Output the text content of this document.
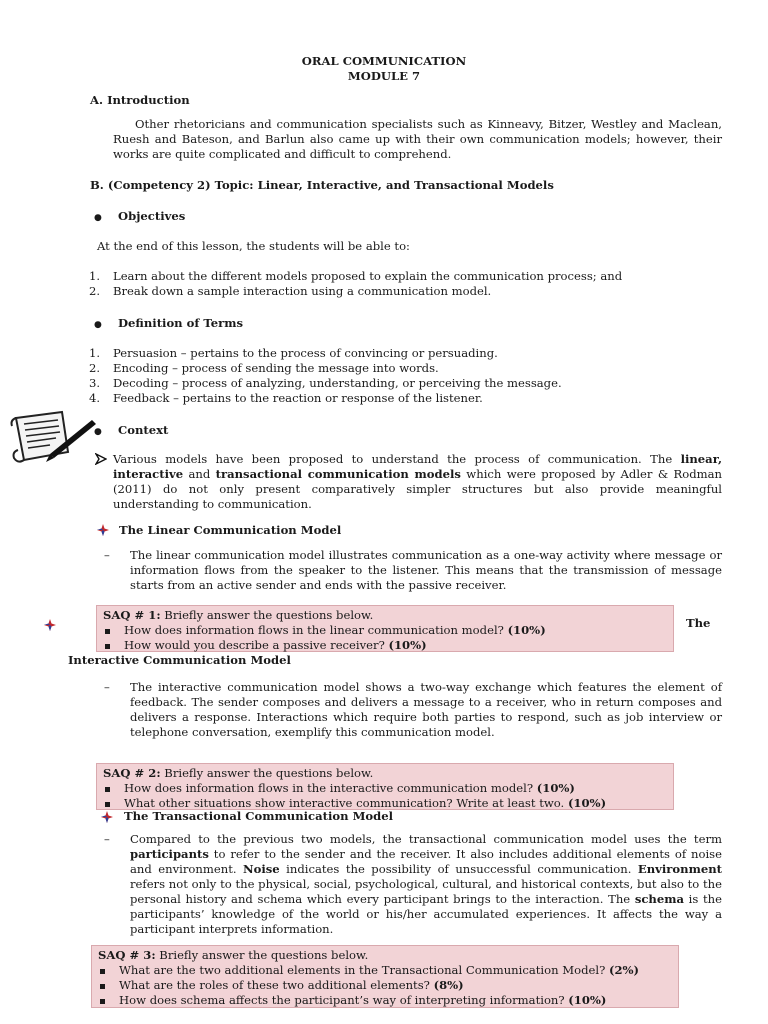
ORAL COMMUNICATION
MODULE 7
A. Introduction
Other rhetoricians and communication specialists such as Kinneavy, Bitzer, Westley and Maclean, Ruesh and Bateson, and Barlun also came up with their own communication models; however, their works are quite complicated and difficult to comprehend.
B. (Competency 2) Topic: Linear, Interactive, and Transactional Models
● Objectives
At the end of this lesson, the students will be able to:
1. Learn about the different models proposed to explain the communication process; and
2. Break down a sample interaction using a communication model.
● Definition of Terms
1. Persuasion – pertains to the process of convincing or persuading.
2. Encoding – process of sending the message into words.
3. Decoding – process of analyzing, understanding, or perceiving the message.
4. Feedback – pertains to the reaction or response of the listener.
● Context
Various models have been proposed to understand the process of communication. The linear, interactive and transactional communication models which were proposed by Adler & Rodman (2011) do not only present comparatively simpler structures but also provide meaningful understanding to communication.
The Linear Communication Model
– The linear communication model illustrates communication as a one-way activity where message or information flows from the speaker to the listener. This means that the transmission of message starts from an active sender and ends with the passive receiver.
SAQ # 1: Briefly answer the questions below.
How does information flows in the linear communication model? (10%)
How would you describe a passive receiver? (10%)
The
Interactive Communication Model
– The interactive communication model shows a two-way exchange which features the element of feedback. The sender composes and delivers a message to a receiver, who in return composes and delivers a response. Interactions which require both parties to respond, such as job interview or telephone conversation, exemplify this communication model.
SAQ # 2: Briefly answer the questions below.
How does information flows in the interactive communication model? (10%)
What other situations show interactive communication? Write at least two. (10%)
The Transactional Communication Model
– Compared to the previous two models, the transactional communication model uses the term participants to refer to the sender and the receiver. It also includes additional elements of noise and environment. Noise indicates the possibility of unsuccessful communication. Environment refers not only to the physical, social, psychological, cultural, and historical contexts, but also to the personal history and schema which every participant brings to the interaction. The schema is the participants’ knowledge of the world or his/her accumulated experiences. It affects the way a participant interprets information.
SAQ # 3: Briefly answer the questions below.
What are the two additional elements in the Transactional Communication Model? (2%)
What are the roles of these two additional elements? (8%)
How does schema affects the participant’s way of interpreting information? (10%)
